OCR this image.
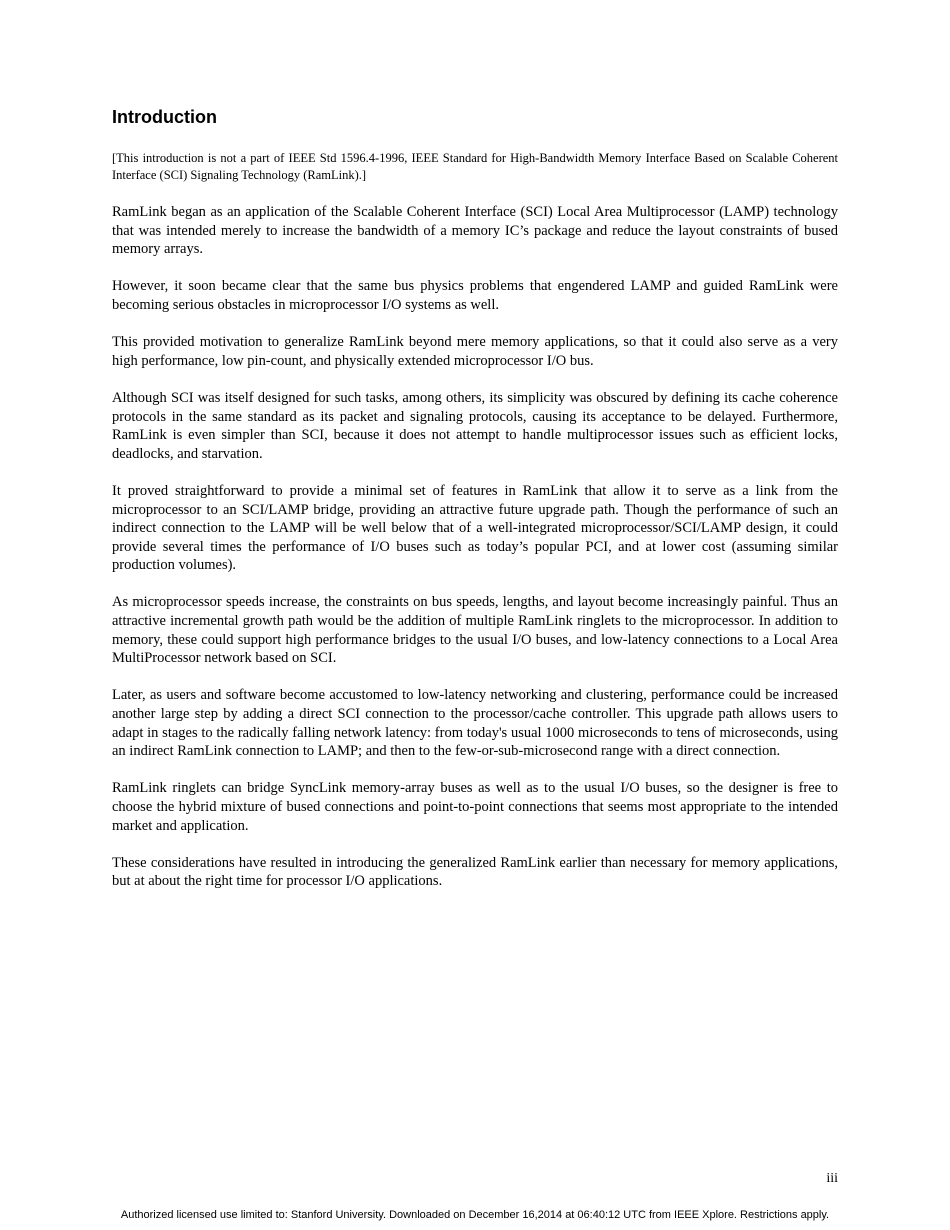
Introduction

[This introduction is not a part of IEEE Std 1596.4-1996, IEEE Standard for High-Bandwidth Memory Interface Based on Scalable Coherent Interface (SCI) Signaling Technology (RamLink).]

RamLink began as an application of the Scalable Coherent Interface (SCI) Local Area Multiprocessor (LAMP) technology that was intended merely to increase the bandwidth of a memory IC’s package and reduce the layout constraints of bused memory arrays.

However, it soon became clear that the same bus physics problems that engendered LAMP and guided RamLink were becoming serious obstacles in microprocessor I/O systems as well.

This provided motivation to generalize RamLink beyond mere memory applications, so that it could also serve as a very high performance, low pin-count, and physically extended microprocessor I/O bus.

Although SCI was itself designed for such tasks, among others, its simplicity was obscured by defining its cache coherence protocols in the same standard as its packet and signaling protocols, causing its acceptance to be delayed. Furthermore, RamLink is even simpler than SCI, because it does not attempt to handle multiprocessor issues such as efficient locks, deadlocks, and starvation.

It proved straightforward to provide a minimal set of features in RamLink that allow it to serve as a link from the microprocessor to an SCI/LAMP bridge, providing an attractive future upgrade path. Though the performance of such an indirect connection to the LAMP will be well below that of a well-integrated microprocessor/SCI/LAMP design, it could provide several times the performance of I/O buses such as today’s popular PCI, and at lower cost (assuming similar production volumes).

As microprocessor speeds increase, the constraints on bus speeds, lengths, and layout become increasingly painful. Thus an attractive incremental growth path would be the addition of multiple RamLink ringlets to the microprocessor. In addition to memory, these could support high performance bridges to the usual I/O buses, and low-latency connections to a Local Area MultiProcessor network based on SCI.

Later, as users and software become accustomed to low-latency networking and clustering, performance could be increased another large step by adding a direct SCI connection to the processor/cache controller. This upgrade path allows users to adapt in stages to the radically falling network latency: from today's usual 1000 microseconds to tens of microseconds, using an indirect RamLink connection to LAMP; and then to the few-or-sub-microsecond range with a direct connection.

RamLink ringlets can bridge SyncLink memory-array buses as well as to the usual I/O buses, so the designer is free to choose the hybrid mixture of bused connections and point-to-point connections that seems most appropriate to the intended market and application.

These considerations have resulted in introducing the generalized RamLink earlier than necessary for memory applications, but at about the right time for processor I/O applications.

iii
Authorized licensed use limited to: Stanford University. Downloaded on December 16,2014 at 06:40:12 UTC from IEEE Xplore. Restrictions apply.
